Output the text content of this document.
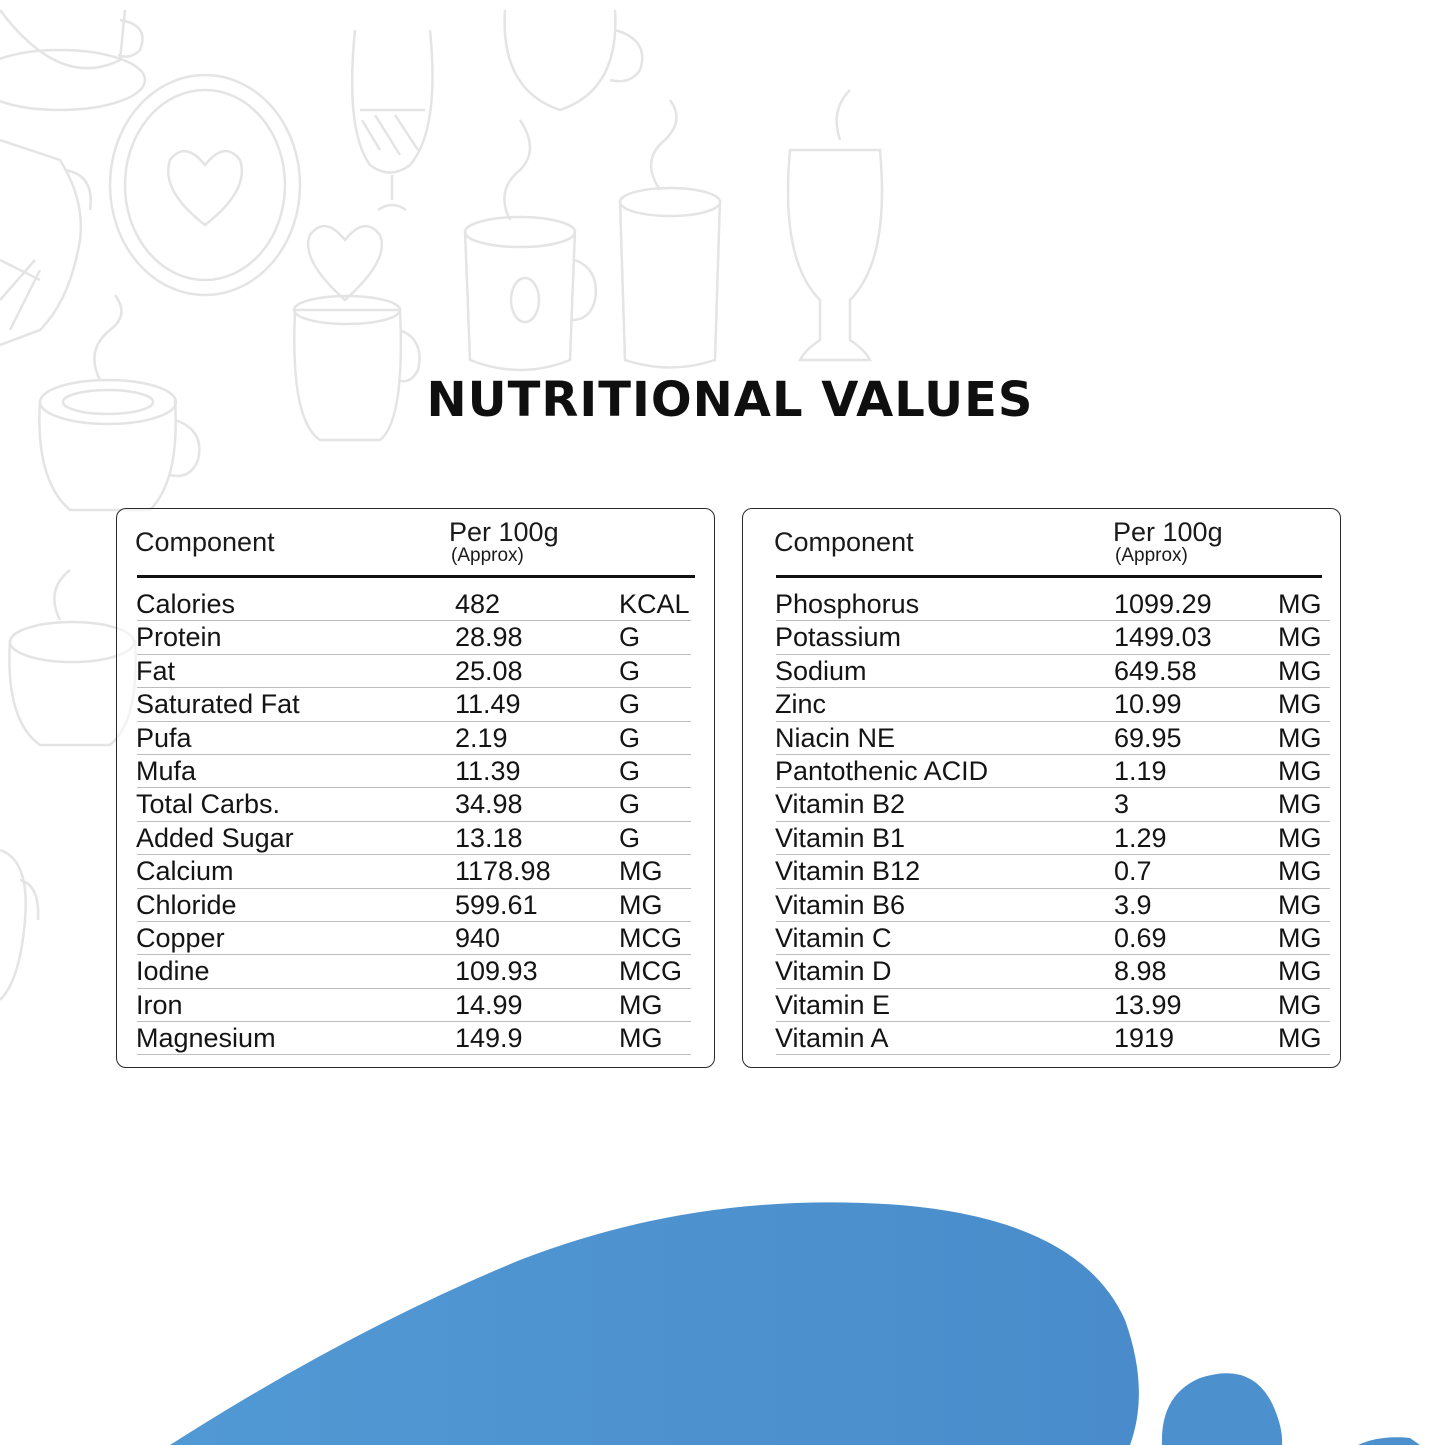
NUTRITIONAL VALUES
Component	Per 100g
(Approx)
Calories	482	KCAL
Protein	28.98	G
Fat	25.08	G
Saturated Fat	11.49	G
Pufa	2.19	G
Mufa	11.39	G
Total Carbs.	34.98	G
Added Sugar	13.18	G
Calcium	1178.98	MG
Chloride	599.61	MG
Copper	940	MCG
Iodine	109.93	MCG
Iron	14.99	MG
Magnesium	149.9	MG
Component	Per 100g
(Approx)
Phosphorus	1099.29 MG
Potassium	1499.03 MG
Sodium	649.58	MG
Zinc	10.99	MG
Niacin NE	69.95	MG
Pantothenic ACID	1.19	MG
Vitamin B2	3	MG
Vitamin B1	1.29	MG
Vitamin B12	0.7	MG
Vitamin B6	3.9	MG
Vitamin C	0.69	MG
Vitamin D	8.98	MG
Vitamin E	13.99	MG
Vitamin A	1919	MG
